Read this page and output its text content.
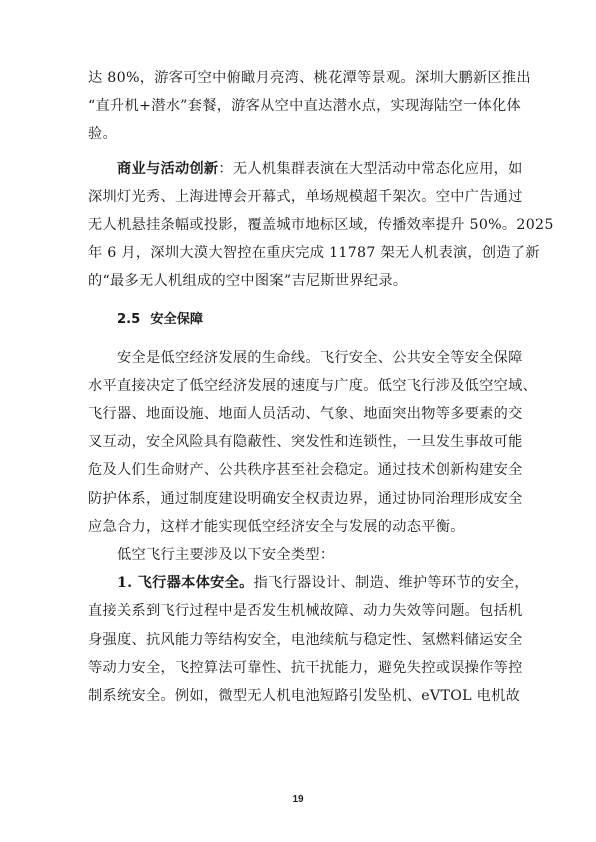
达 80%，游客可空中俯瞰月亮湾、桃花潭等景观。深圳大鹏新区推出
“直升机+潜水”套餐，游客从空中直达潜水点，实现海陆空一体化体
验。
商业与活动创新：无人机集群表演在大型活动中常态化应用，如
深圳灯光秀、上海进博会开幕式，单场规模超千架次。空中广告通过
无人机悬挂条幅或投影，覆盖城市地标区域，传播效率提升 50%。2025
年 6 月，深圳大漠大智控在重庆完成 11787 架无人机表演，创造了新
的“最多无人机组成的空中图案”吉尼斯世界纪录。
2.5 安全保障
安全是低空经济发展的生命线。飞行安全、公共安全等安全保障
水平直接决定了低空经济发展的速度与广度。低空飞行涉及低空空域、
飞行器、地面设施、地面人员活动、气象、地面突出物等多要素的交
叉互动，安全风险具有隐蔽性、突发性和连锁性，一旦发生事故可能
危及人们生命财产、公共秩序甚至社会稳定。通过技术创新构建安全
防护体系，通过制度建设明确安全权责边界，通过协同治理形成安全
应急合力，这样才能实现低空经济安全与发展的动态平衡。
低空飞行主要涉及以下安全类型：
1. 飞行器本体安全。指飞行器设计、制造、维护等环节的安全，
直接关系到飞行过程中是否发生机械故障、动力失效等问题。包括机
身强度、抗风能力等结构安全，电池续航与稳定性、氢燃料储运安全
等动力安全，飞控算法可靠性、抗干扰能力，避免失控或误操作等控
制系统安全。例如，微型无人机电池短路引发坠机、eVTOL 电机故
19
